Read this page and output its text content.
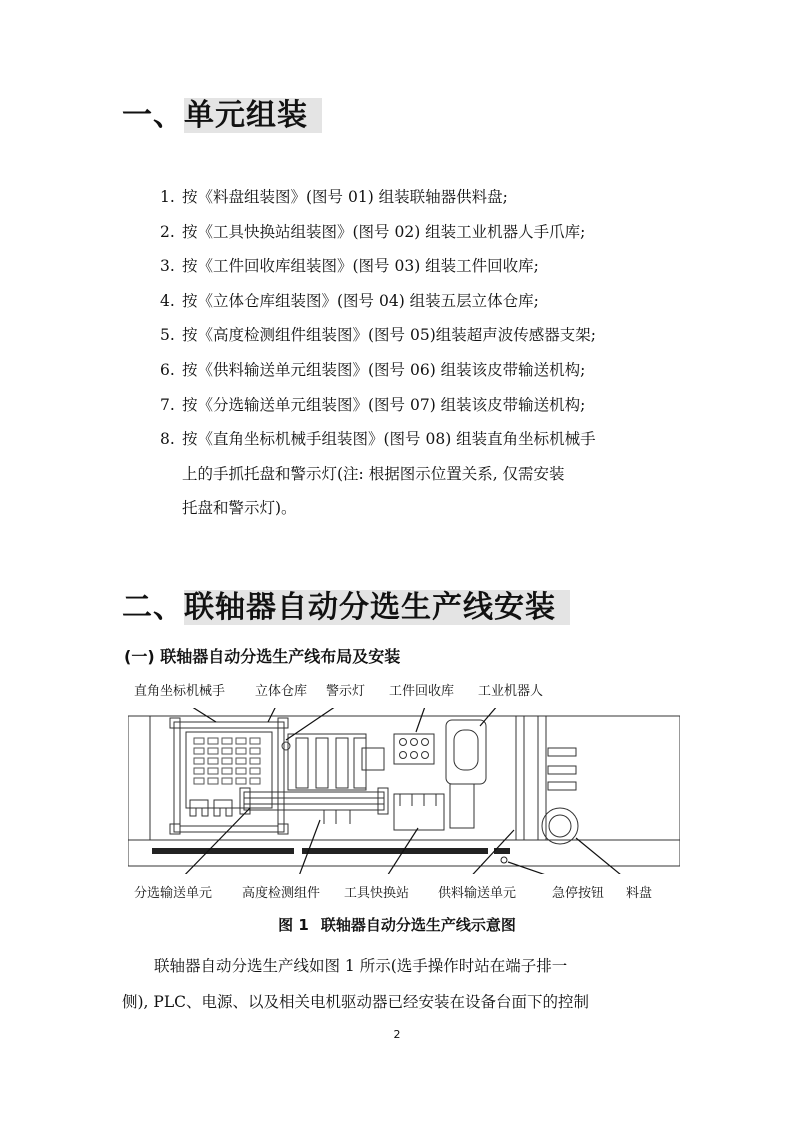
一、单元组装
1. 按《料盘组装图》(图号 01) 组装联轴器供料盘;
2. 按《工具快换站组装图》(图号 02) 组装工业机器人手爪库;
3. 按《工件回收库组装图》(图号 03) 组装工件回收库;
4. 按《立体仓库组装图》(图号 04) 组装五层立体仓库;
5. 按《高度检测组件组装图》(图号 05)组装超声波传感器支架;
6. 按《供料输送单元组装图》(图号 06) 组装该皮带输送机构;
7. 按《分选输送单元组装图》(图号 07) 组装该皮带输送机构;
8. 按《直角坐标机械手组装图》(图号 08) 组装直角坐标机械手
上的手抓托盘和警示灯(注: 根据图示位置关系, 仅需安装
托盘和警示灯)。
二、联轴器自动分选生产线安装
(一) 联轴器自动分选生产线布局及安装
直角坐标机械手 立体仓库 警示灯 工件回收库 工业机器人
分选输送单元 高度检测组件 工具快换站 供料输送单元	急停按钮 料盘
图 1 联轴器自动分选生产线示意图
联轴器自动分选生产线如图 1 所示(选手操作时站在端子排一
侧), PLC、电源、以及相关电机驱动器已经安装在设备台面下的控制
2
